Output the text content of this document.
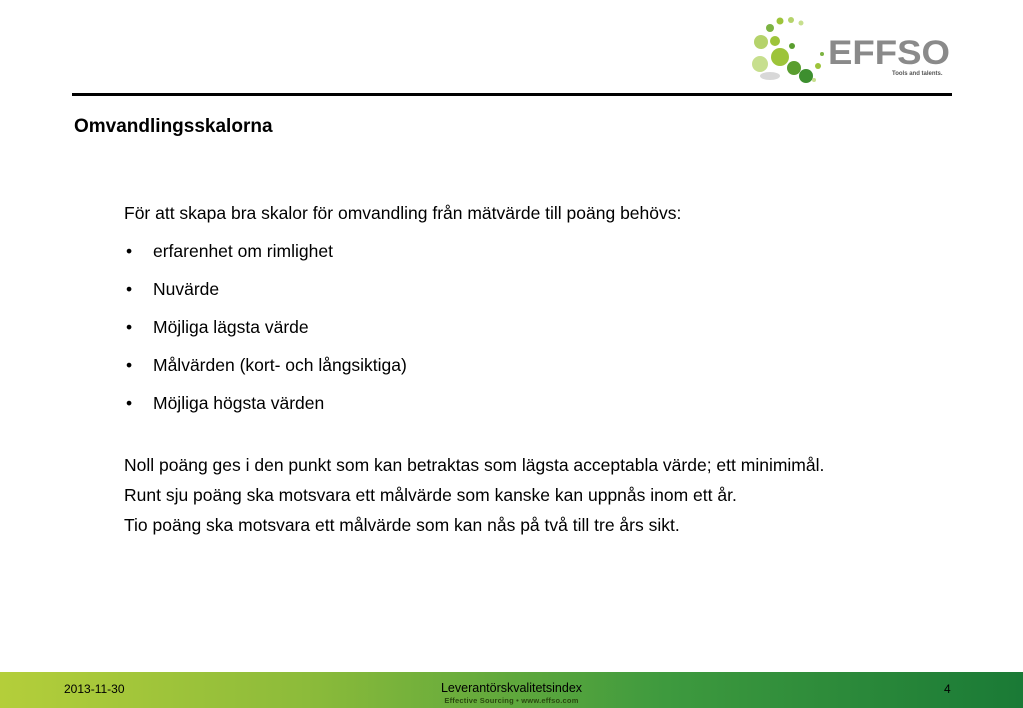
EFFSO
Tools and talents.
Omvandlingsskalorna

För att skapa bra skalor för omvandling från mätvärde till poäng behövs:

• erfarenhet om rimlighet
• Nuvärde
• Möjliga lägsta värde
• Målvärden (kort- och långsiktiga)
• Möjliga högsta värden

Noll poäng ges i den punkt som kan betraktas som lägsta acceptabla värde; ett minimimål.

Runt sju poäng ska motsvara ett målvärde som kanske kan uppnås inom ett år.

Tio poäng ska motsvara ett målvärde som kan nås på två till tre års sikt.

2013-11-30	Leverantörskvalitetsindex
Effective Sourcing • www.effso.com
4
